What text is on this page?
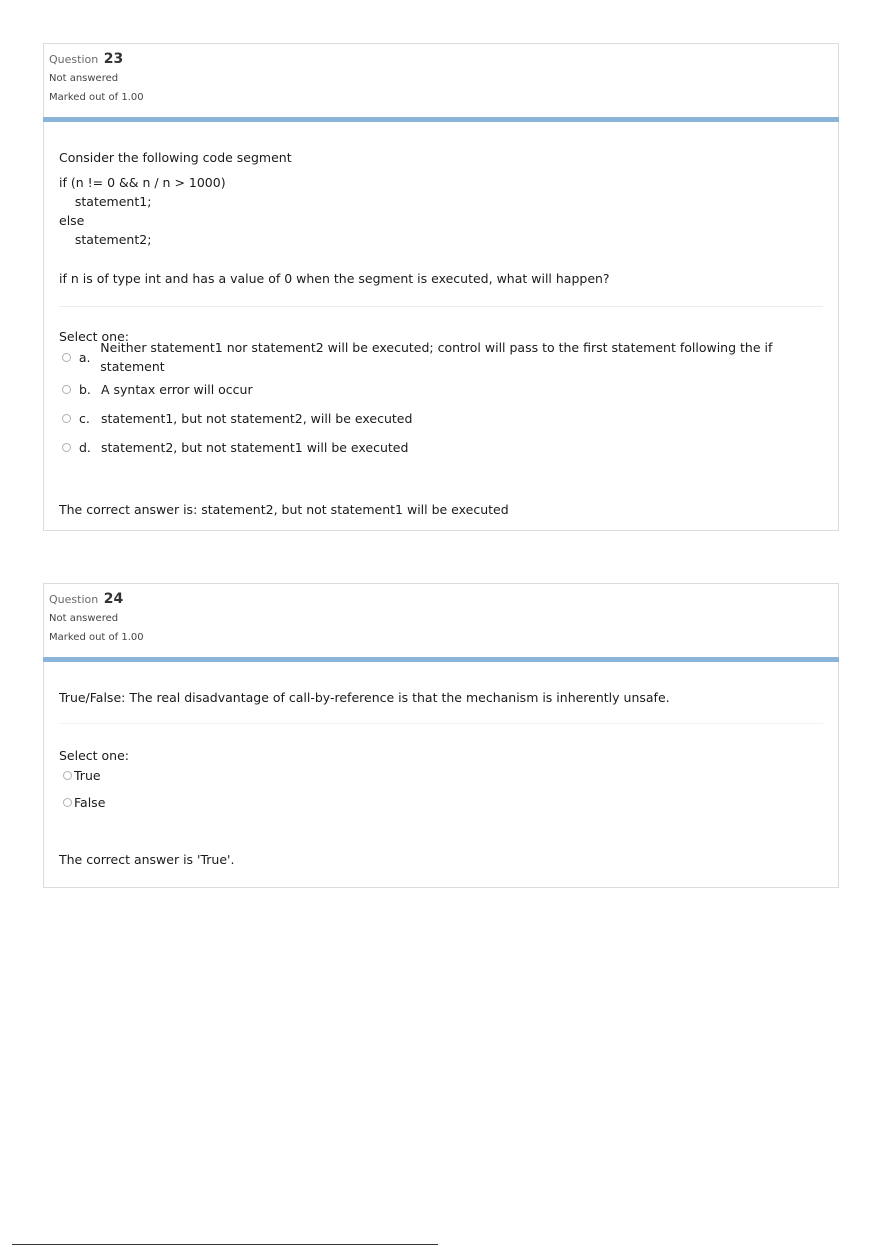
Question 23
Not answered
Marked out of 1.00
Consider the following code segment
if (n != 0 && n / n > 1000)
statement1;
else
statement2;
if n is of type int and has a value of 0 when the segment is executed, what will happen?
Select one:
a.
Neither statement1 nor statement2 will be executed; control will pass to the first statement following the if statement
b. A syntax error will occur
c. statement1, but not statement2, will be executed
d. statement2, but not statement1 will be executed
The correct answer is: statement2, but not statement1 will be executed
Question 24
Not answered
Marked out of 1.00
True/False: The real disadvantage of call-by-reference is that the mechanism is inherently unsafe.
Select one:
True
False
The correct answer is 'True'.
